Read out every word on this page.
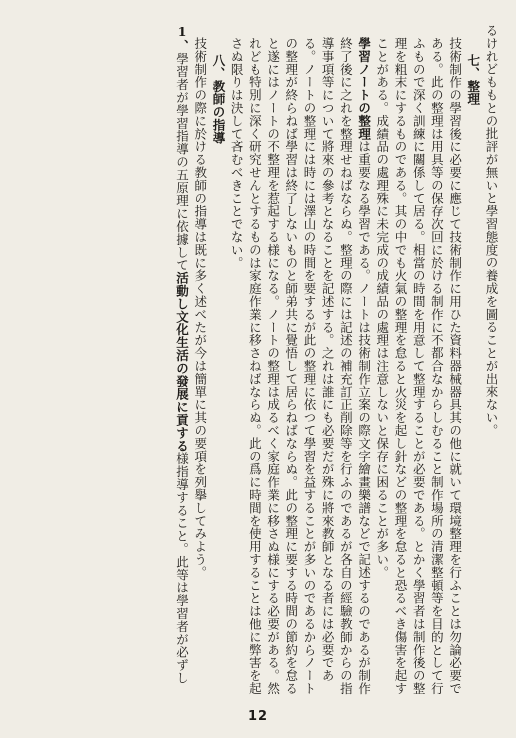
るけれどももとの批評が無いと學習態度の養成を圖ることが出來ない。

七、整理

技術制作の學習後に必要に應じて技術制作に用ひた資料器械器具其の他に就いて環境整理を行ふことは勿論必要である。此の整理は用具等の保存次回に於ける制作に不都合なからしむること制作場所の清潔整頓等を目的として行ふもので深く訓練に關係して居る。相當の時間を用意して整理することが必要である。とかく學習者は制作後の整理を粗末にするものである。其の中でも火氣の整理を怠ると火災を起し針などの整理を怠ると恐るべき傷害を起すことがある。成績品の處理殊に未完成の成績品の處理は注意しないと保存に困ることが多い。

學習ノートの整理は重要なる學習である。ノートは技術制作立案の際文字繪畫樂譜などで記述するのであるが制作終了後に之れを整理せねばならぬ。整理の際には記述の補充訂正削除等を行ふのであるが各自の經驗教師からの指導事項等について將來の參考となることを記述する。之れは誰にも必要だが殊に將來教師となる者には必要である。ノートの整理には時には澤山の時間を要するが此の整理に依つて學習を益することが多いのであるからノートの整理が終らねば學習は終了しないものと師弟共に覺悟して居らねばならぬ。此の整理に要する時間の節約を怠ると遂にはノートの不整理を惹起する様になる。ノートの整理は成るべく家庭作業に移さぬ様にする必要がある。然れども特別に深く研究せんとするものは家庭作業に移さねばならぬ。此の爲に時間を使用することは他に弊害を起さぬ限りは決して吝むべきことでない。

八、教師の指導

技術制作の際に於ける教師の指導は既に多く述べたが今は簡單に其の要項を列擧してみよう。

1、學習者が學習指導の五原理に依據して活動し文化生活の發展に貢する様指導すること。此等は學習者が必ずし

12
